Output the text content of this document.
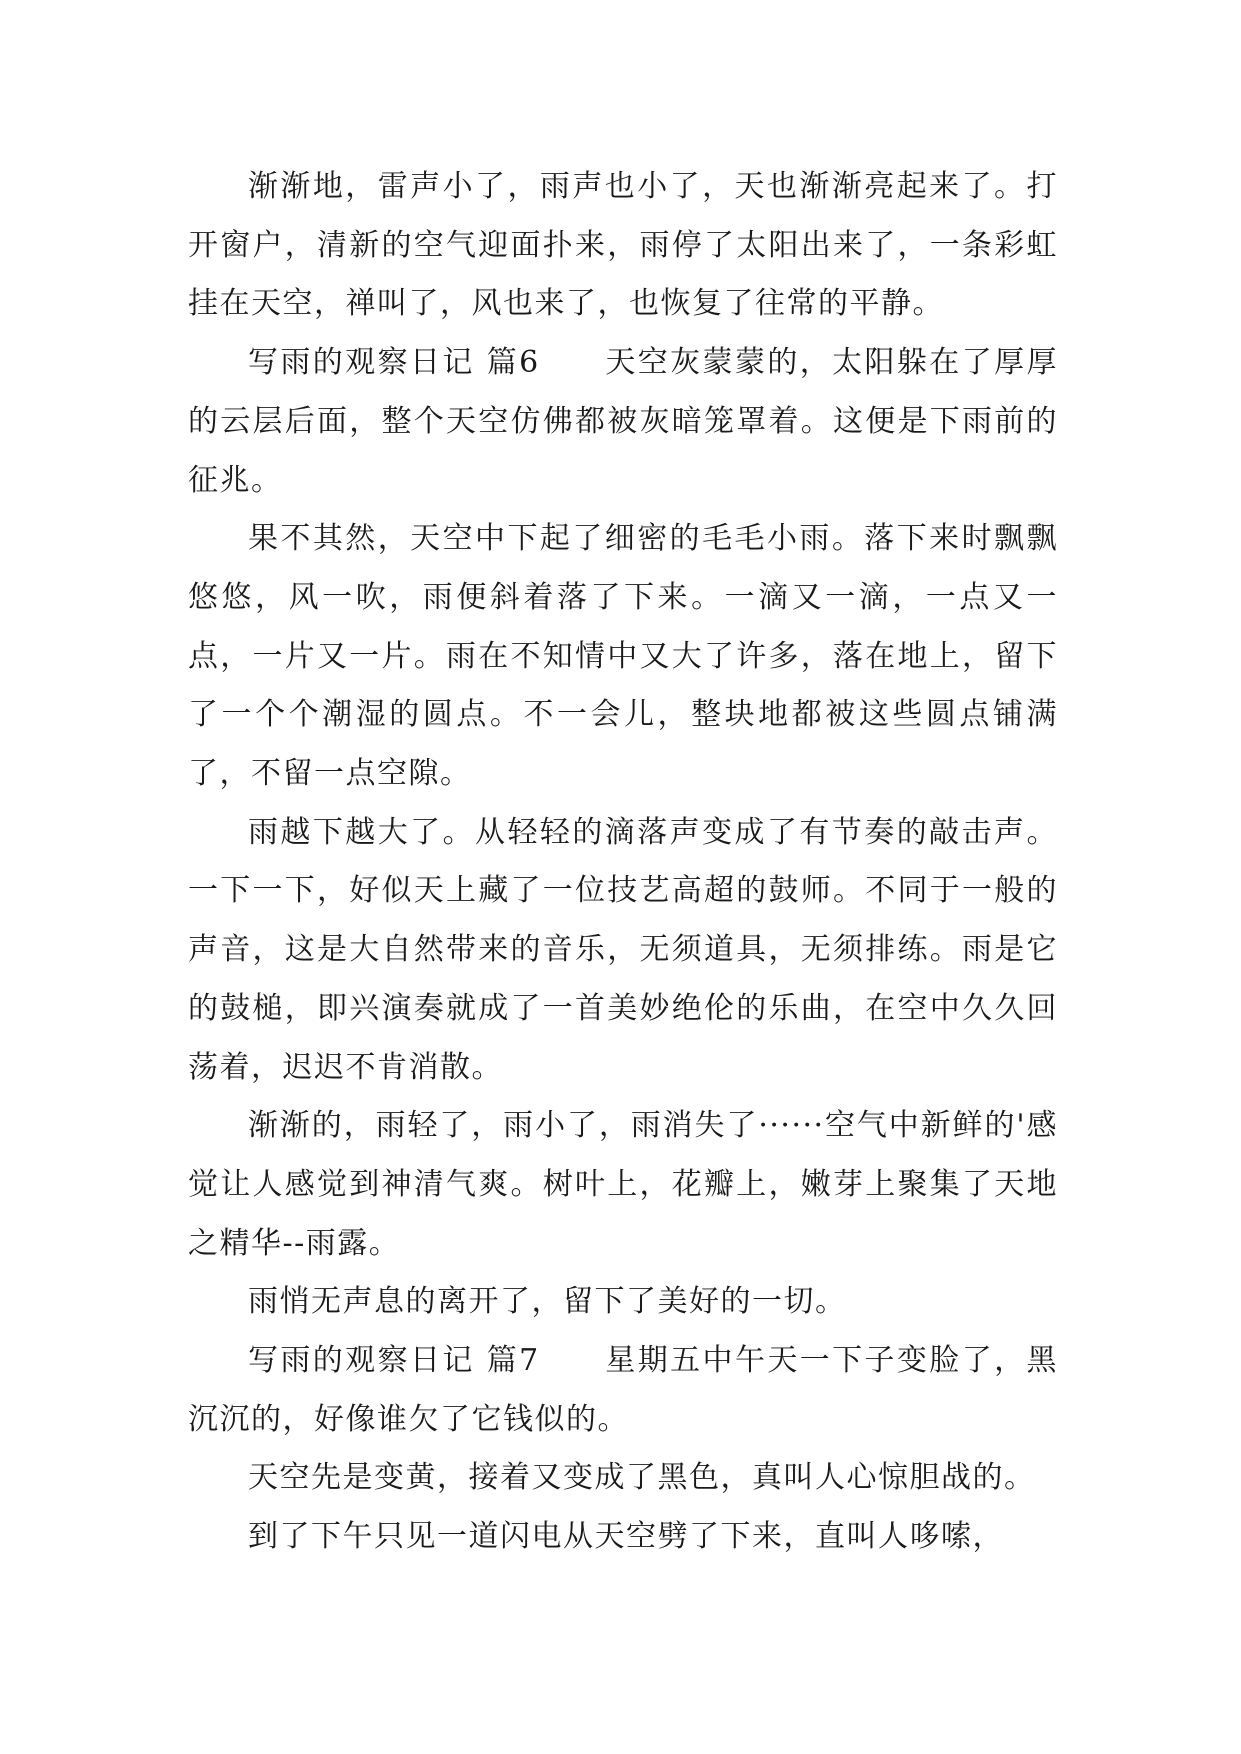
渐渐地，雷声小了，雨声也小了，天也渐渐亮起来了。打开窗户，清新的空气迎面扑来，雨停了太阳出来了，一条彩虹挂在天空，禅叫了，风也来了，也恢复了往常的平静。

写雨的观察日记 篇6　　天空灰蒙蒙的，太阳躲在了厚厚的云层后面，整个天空仿佛都被灰暗笼罩着。这便是下雨前的征兆。

果不其然，天空中下起了细密的毛毛小雨。落下来时飘飘悠悠，风一吹，雨便斜着落了下来。一滴又一滴，一点又一点，一片又一片。雨在不知情中又大了许多，落在地上，留下了一个个潮湿的圆点。不一会儿，整块地都被这些圆点铺满了，不留一点空隙。

雨越下越大了。从轻轻的滴落声变成了有节奏的敲击声。一下一下，好似天上藏了一位技艺高超的鼓师。不同于一般的声音，这是大自然带来的音乐，无须道具，无须排练。雨是它的鼓槌，即兴演奏就成了一首美妙绝伦的乐曲，在空中久久回荡着，迟迟不肯消散。

渐渐的，雨轻了，雨小了，雨消失了······空气中新鲜的'感觉让人感觉到神清气爽。树叶上，花瓣上，嫩芽上聚集了天地之精华--雨露。

雨悄无声息的离开了，留下了美好的一切。

写雨的观察日记 篇7　　星期五中午天一下子变脸了，黑沉沉的，好像谁欠了它钱似的。

天空先是变黄，接着又变成了黑色，真叫人心惊胆战的。

到了下午只见一道闪电从天空劈了下来，直叫人哆嗦，
